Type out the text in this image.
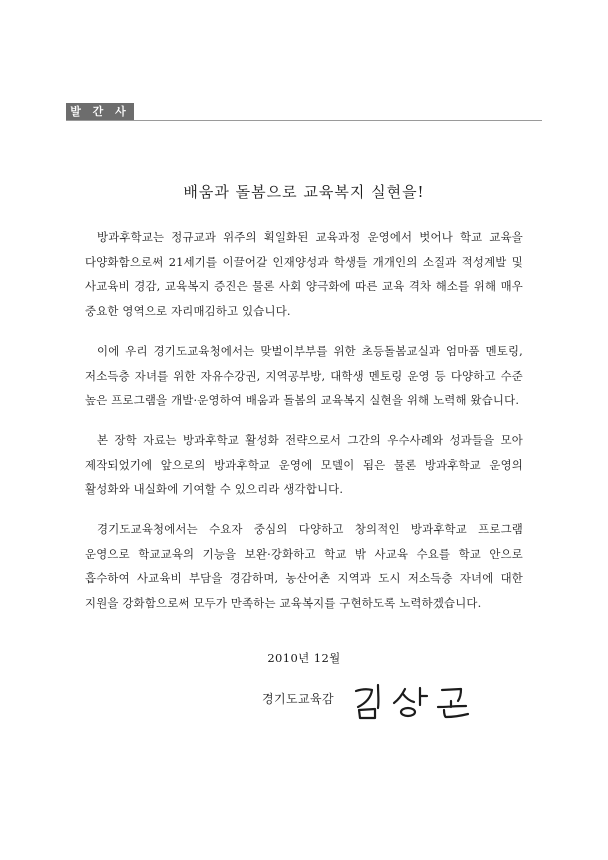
발 간 사
배움과 돌봄으로 교육복지 실현을!

방과후학교는 정규교과 위주의 획일화된 교육과정 운영에서 벗어나 학교 교육을 다양화함으로써 21세기를 이끌어갈 인재양성과 학생들 개개인의 소질과 적성계발 및 사교육비 경감, 교육복지 증진은 물론 사회 양극화에 따른 교육 격차 해소를 위해 매우 중요한 영역으로 자리매김하고 있습니다.

이에 우리 경기도교육청에서는 맞벌이부부를 위한 초등돌봄교실과 엄마품 멘토링, 저소득층 자녀를 위한 자유수강권, 지역공부방, 대학생 멘토링 운영 등 다양하고 수준 높은 프로그램을 개발·운영하여 배움과 돌봄의 교육복지 실현을 위해 노력해 왔습니다.

본 장학 자료는 방과후학교 활성화 전략으로서 그간의 우수사례와 성과들을 모아 제작되었기에 앞으로의 방과후학교 운영에 모델이 됨은 물론 방과후학교 운영의 활성화와 내실화에 기여할 수 있으리라 생각합니다.

경기도교육청에서는 수요자 중심의 다양하고 창의적인 방과후학교 프로그램 운영으로 학교교육의 기능을 보완·강화하고 학교 밖 사교육 수요를 학교 안으로 흡수하여 사교육비 부담을 경감하며, 농산어촌 지역과 도시 저소득층 자녀에 대한 지원을 강화함으로써 모두가 만족하는 교육복지를 구현하도록 노력하겠습니다.

2010년 12월
경기도교육감
